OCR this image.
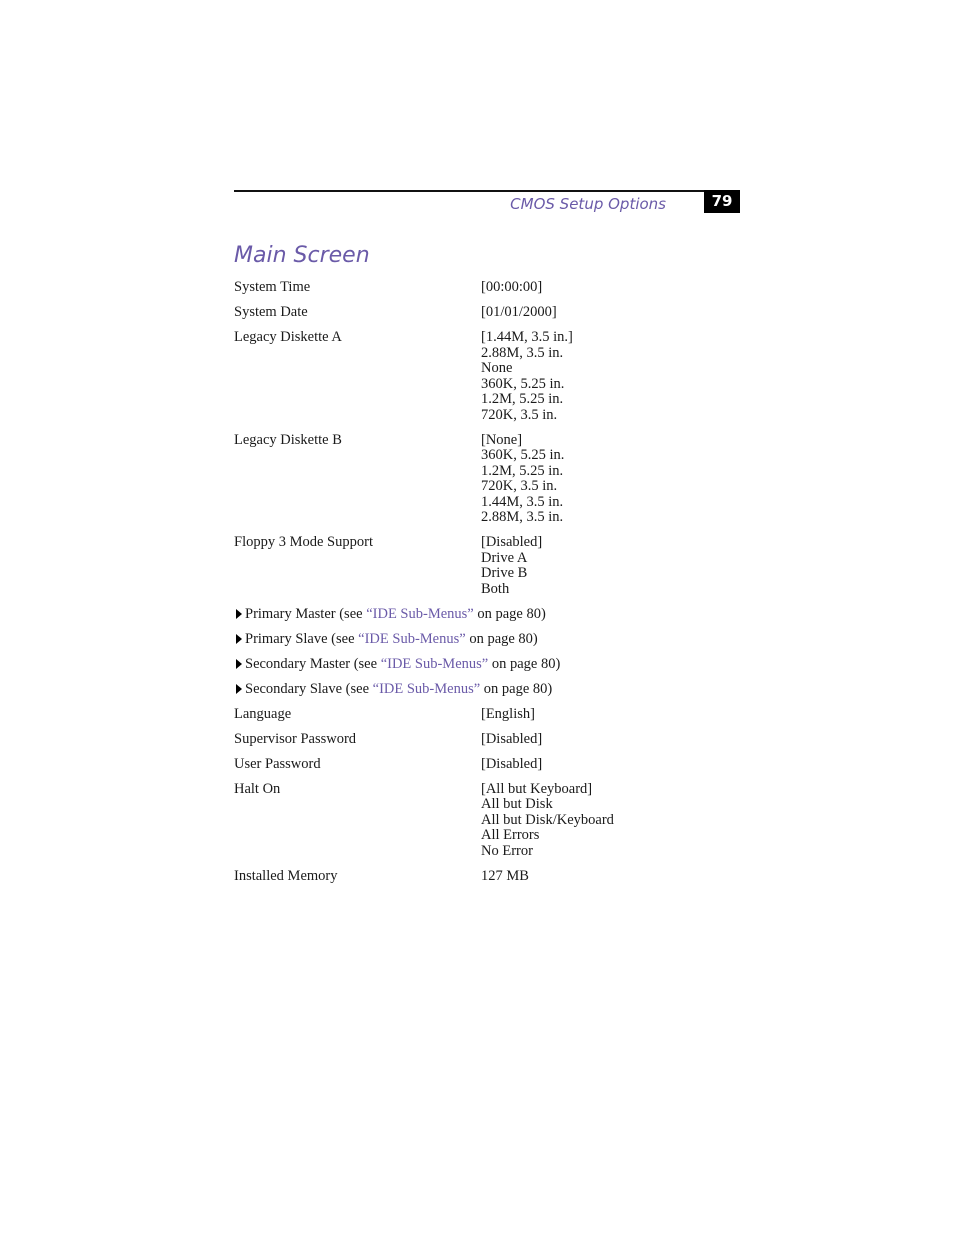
CMOS Setup Options	79
Main Screen
System Time	[00:00:00]
System Date	[01/01/2000]
Legacy Diskette A	[1.44M, 3.5 in.]
2.88M, 3.5 in.
None
360K, 5.25 in.
1.2M, 5.25 in.
720K, 3.5 in.
Legacy Diskette B	[None]
360K, 5.25 in.
1.2M, 5.25 in.
720K, 3.5 in.
1.44M, 3.5 in.
2.88M, 3.5 in.
Floppy 3 Mode Support	[Disabled]
Drive A
Drive B
Both
Primary Master (see “IDE Sub-Menus” on page 80)
Primary Slave (see “IDE Sub-Menus” on page 80)
Secondary Master (see “IDE Sub-Menus” on page 80)
Secondary Slave (see “IDE Sub-Menus” on page 80)
Language	[English]
Supervisor Password	[Disabled]
User Password	[Disabled]
Halt On	[All but Keyboard]
All but Disk
All but Disk/Keyboard
All Errors
No Error
Installed Memory	127 MB
